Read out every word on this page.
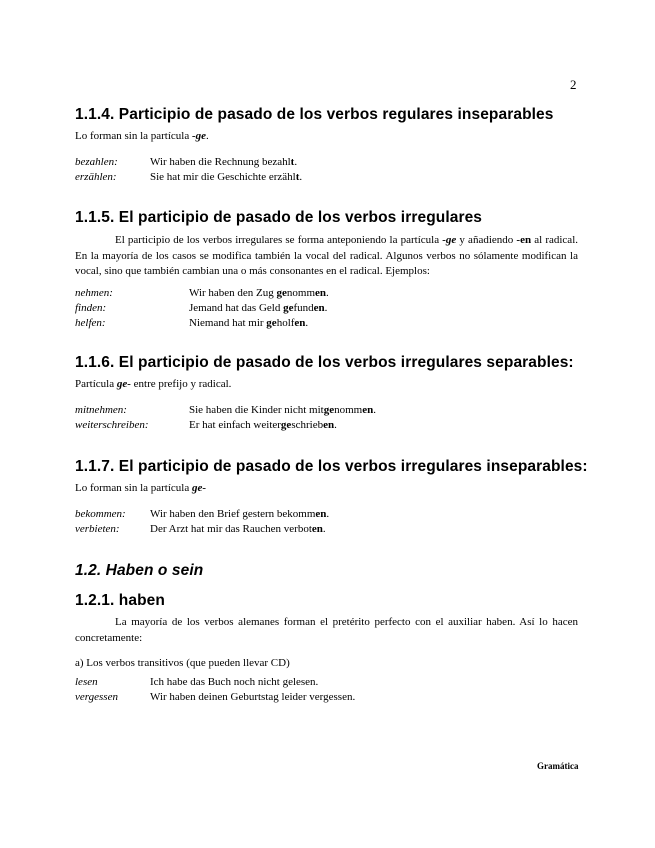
2
1.1.4. Participio de pasado de los verbos regulares inseparables

Lo forman sin la partícula -ge.

bezahlen:	Wir haben die Rechnung bezahlt.
erzählen:	Sie hat mir die Geschichte erzählt.
1.1.5. El participio de pasado de los verbos irregulares

El participio de los verbos irregulares se forma anteponiendo la partícula -ge y añadiendo -en al radical. En la mayoría de los casos se modifica también la vocal del radical. Algunos verbos no sólamente modifican la vocal, sino que también cambian una o más consonantes en el radical. Ejemplos:

nehmen:	Wir haben den Zug genommen.
finden:	Jemand hat das Geld gefunden.
helfen:	Niemand hat mir geholfen.
1.1.6. El participio de pasado de los verbos irregulares separables:

Partícula ge- entre prefijo y radical.

mitnehmen:	Sie haben die Kinder nicht mitgenommen.
weiterschreiben:	Er hat einfach weitergeschrieben.
1.1.7. El participio de pasado de los verbos irregulares inseparables:

Lo forman sin la partícula ge-

bekommen:	Wir haben den Brief gestern bekommen.
verbieten:	Der Arzt hat mir das Rauchen verboten.
1.2. Haben o sein
1.2.1. haben

La mayoría de los verbos alemanes forman el pretérito perfecto con el auxiliar haben. Así lo hacen concretamente:

a) Los verbos transitivos (que pueden llevar CD)

lesen	Ich habe das Buch noch nicht gelesen.
vergessen	Wir haben deinen Geburtstag leider vergessen.
Gramática
